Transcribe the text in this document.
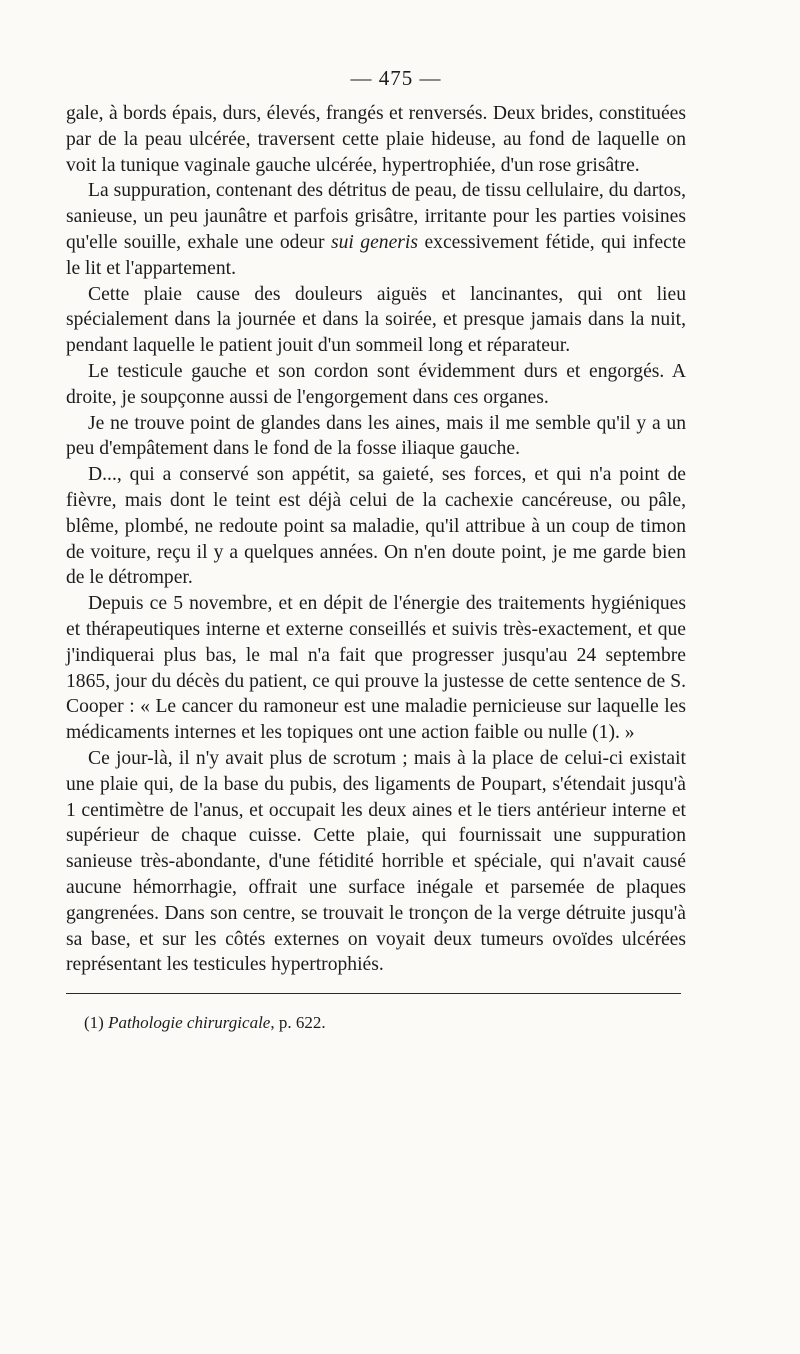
— 475 —

gale, à bords épais, durs, élevés, frangés et renversés. Deux brides, constituées par de la peau ulcérée, traversent cette plaie hideuse, au fond de laquelle on voit la tunique vaginale gauche ulcérée, hypertrophiée, d'un rose grisâtre.

La suppuration, contenant des détritus de peau, de tissu cellulaire, du dartos, sanieuse, un peu jaunâtre et parfois grisâtre, irritante pour les parties voisines qu'elle souille, exhale une odeur sui generis excessivement fétide, qui infecte le lit et l'appartement.

Cette plaie cause des douleurs aiguës et lancinantes, qui ont lieu spécialement dans la journée et dans la soirée, et presque jamais dans la nuit, pendant laquelle le patient jouit d'un sommeil long et réparateur.

Le testicule gauche et son cordon sont évidemment durs et engorgés. A droite, je soupçonne aussi de l'engorgement dans ces organes.

Je ne trouve point de glandes dans les aines, mais il me semble qu'il y a un peu d'empâtement dans le fond de la fosse iliaque gauche.

D..., qui a conservé son appétit, sa gaieté, ses forces, et qui n'a point de fièvre, mais dont le teint est déjà celui de la cachexie cancéreuse, ou pâle, blême, plombé, ne redoute point sa maladie, qu'il attribue à un coup de timon de voiture, reçu il y a quelques années. On n'en doute point, je me garde bien de le détromper.

Depuis ce 5 novembre, et en dépit de l'énergie des traitements hygiéniques et thérapeutiques interne et externe conseillés et suivis très-exactement, et que j'indiquerai plus bas, le mal n'a fait que progresser jusqu'au 24 septembre 1865, jour du décès du patient, ce qui prouve la justesse de cette sentence de S. Cooper : « Le cancer du ramoneur est une maladie pernicieuse sur laquelle les médicaments internes et les topiques ont une action faible ou nulle (1). »

Ce jour-là, il n'y avait plus de scrotum ; mais à la place de celui-ci existait une plaie qui, de la base du pubis, des ligaments de Poupart, s'étendait jusqu'à 1 centimètre de l'anus, et occupait les deux aines et le tiers antérieur interne et supérieur de chaque cuisse. Cette plaie, qui fournissait une suppuration sanieuse très-abondante, d'une fétidité horrible et spéciale, qui n'avait causé aucune hémorrhagie, offrait une surface inégale et parsemée de plaques gangrenées. Dans son centre, se trouvait le tronçon de la verge détruite jusqu'à sa base, et sur les côtés externes on voyait deux tumeurs ovoïdes ulcérées représentant les testicules hypertrophiés.

(1) Pathologie chirurgicale, p. 622.
